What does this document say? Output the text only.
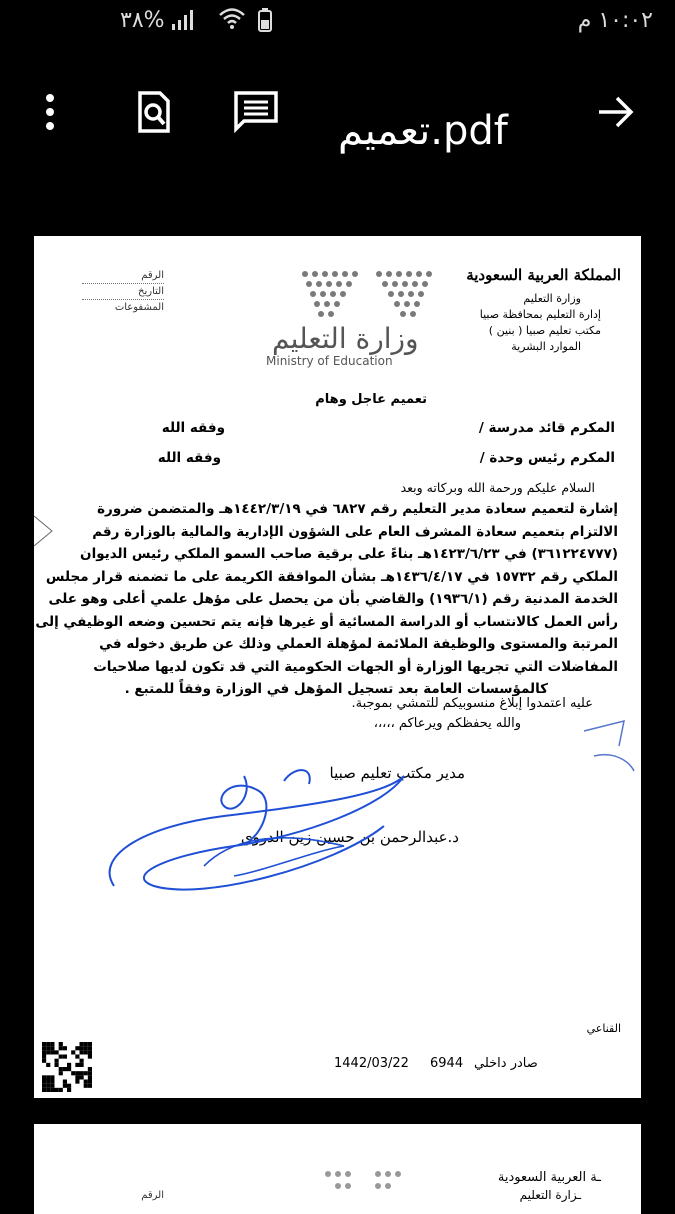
١٠:٠٢ م
٣٨%
تعميم.pdf
المملكة العربية السعودية
وزارة التعليم
إدارة التعليم بمحافظة صبيا
مكتب تعليم صبيا ( بنين )
الموارد البشرية
وزارة التعليم
Ministry of Education
الرقم
التاريخ
المشفوعات
تعميم عاجل وهام
المكرم قائد مدرسة /
وفقه الله
المكرم رئيس وحدة /
وفقه الله
السلام عليكم ورحمة الله وبركاته وبعد
إشارة لتعميم سعادة مدير التعليم رقم ٦٨٢٧ في ١٤٤٢/٣/١٩هـ والمتضمن ضرورة
الالتزام بتعميم سعادة المشرف العام على الشؤون الإدارية والمالية بالوزارة رقم
(٣٦١٢٢٤٧٧٧) في ١٤٢٣/٦/٢٣هـ بناءً على برقية صاحب السمو الملكي رئيس الديوان
الملكي رقم ١٥٧٣٢ في ١٤٣٦/٤/١٧هـ بشأن الموافقة الكريمة على ما تضمنه قرار مجلس
الخدمة المدنية رقم (١٩٣٦/١) والقاضي بأن من يحصل على مؤهل علمي أعلى وهو على
رأس العمل كالانتساب أو الدراسة المسائية أو غيرها فإنه يتم تحسين وضعه الوظيفي إلى
المرتبة والمستوى والوظيفة الملائمة لمؤهلة العملي وذلك عن طريق دخوله في
المفاضلات التي تجريها الوزارة أو الجهات الحكومية التي قد تكون لديها صلاحيات
كالمؤسسات العامة بعد تسجيل المؤهل في الوزارة وفقاً للمتبع .
عليه اعتمدوا إبلاغ منسوبيكم للتمشي بموجبة.
والله يحفظكم ويرعاكم ،،،،،
مدير مكتب تعليم صبيا
د.عبدالرحمن بن حسين زين الدروي
القناعي
صادر داخلي
6944
1442/03/22
ـة العربية السعودية
ـزارة التعليم
الرقم
